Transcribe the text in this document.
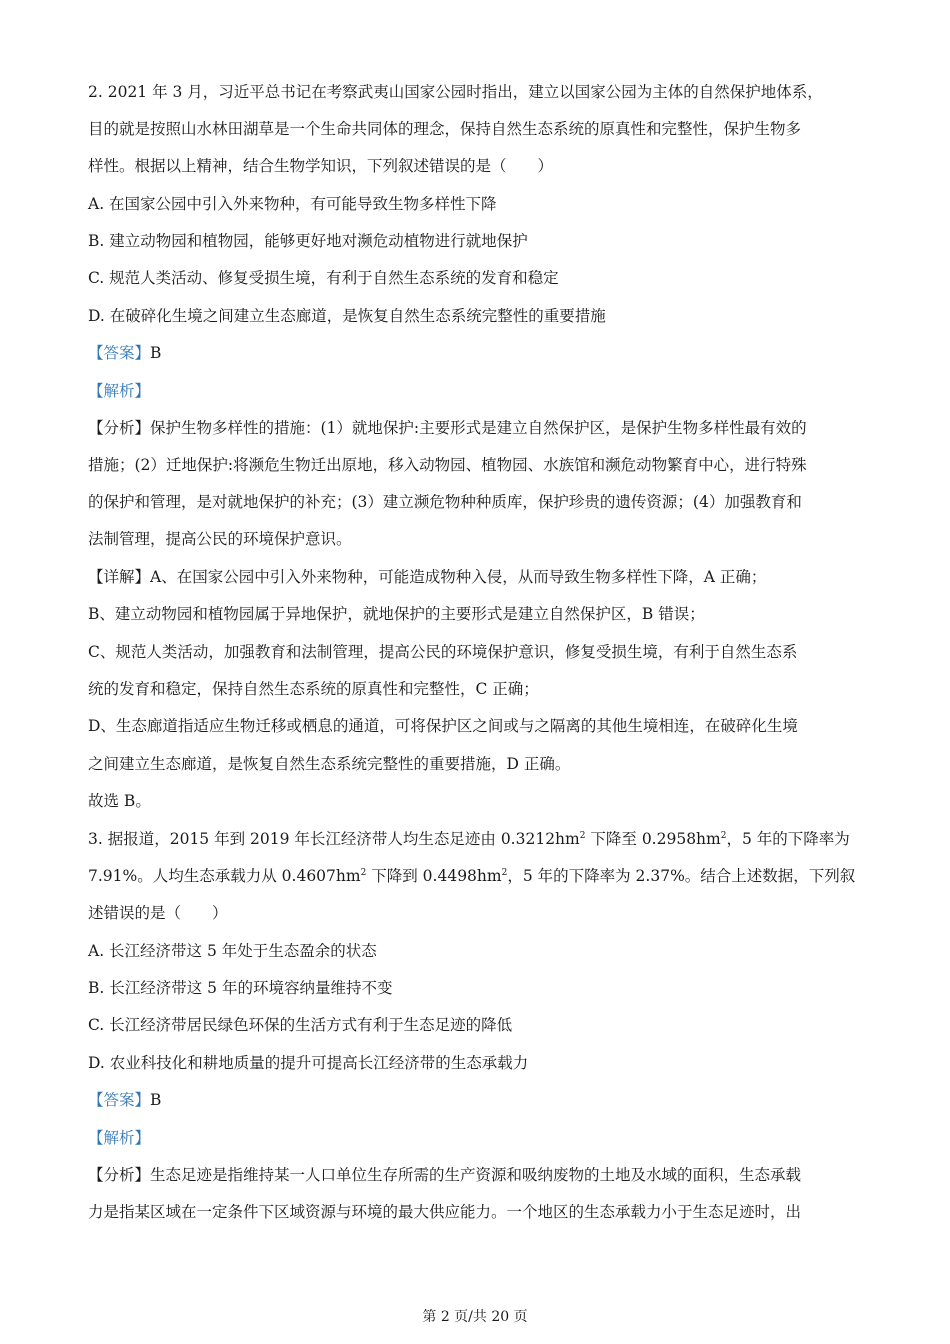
2. 2021 年 3 月，习近平总书记在考察武夷山国家公园时指出，建立以国家公园为主体的自然保护地体系，
目的就是按照山水林田湖草是一个生命共同体的理念，保持自然生态系统的原真性和完整性，保护生物多
样性。根据以上精神，结合生物学知识，下列叙述错误的是（　　）
A. 在国家公园中引入外来物种，有可能导致生物多样性下降
B. 建立动物园和植物园，能够更好地对濒危动植物进行就地保护
C. 规范人类活动、修复受损生境，有利于自然生态系统的发育和稳定
D. 在破碎化生境之间建立生态廊道，是恢复自然生态系统完整性的重要措施
【答案】B
【解析】
【分析】保护生物多样性的措施：(1）就地保护:主要形式是建立自然保护区，是保护生物多样性最有效的
措施；(2）迁地保护:将濒危生物迁出原地，移入动物园、植物园、水族馆和濒危动物繁育中心，进行特殊
的保护和管理，是对就地保护的补充；(3）建立濒危物种种质库，保护珍贵的遗传资源；(4）加强教育和
法制管理，提高公民的环境保护意识。
【详解】A、在国家公园中引入外来物种，可能造成物种入侵，从而导致生物多样性下降，A 正确；
B、建立动物园和植物园属于异地保护，就地保护的主要形式是建立自然保护区，B 错误；
C、规范人类活动，加强教育和法制管理，提高公民的环境保护意识，修复受损生境，有利于自然生态系
统的发育和稳定，保持自然生态系统的原真性和完整性，C 正确；
D、生态廊道指适应生物迁移或栖息的通道，可将保护区之间或与之隔离的其他生境相连，在破碎化生境
之间建立生态廊道，是恢复自然生态系统完整性的重要措施，D 正确。
故选 B。
3. 据报道，2015 年到 2019 年长江经济带人均生态足迹由 $0.3212hm^2$ 下降至 $0.2958hm^2$，5 年的下降率为
7.91%。人均生态承载力从 $0.4607hm^2$ 下降到 $0.4498hm^2$，5 年的下降率为 2.37%。结合上述数据，下列叙
述错误的是（　　）
A. 长江经济带这 5 年处于生态盈余的状态
B. 长江经济带这 5 年的环境容纳量维持不变
C. 长江经济带居民绿色环保的生活方式有利于生态足迹的降低
D. 农业科技化和耕地质量的提升可提高长江经济带的生态承载力
【答案】B
【解析】
【分析】生态足迹是指维持某一人口单位生存所需的生产资源和吸纳废物的土地及水域的面积，生态承载
力是指某区域在一定条件下区域资源与环境的最大供应能力。一个地区的生态承载力小于生态足迹时，出
第 2 页/共 20 页
